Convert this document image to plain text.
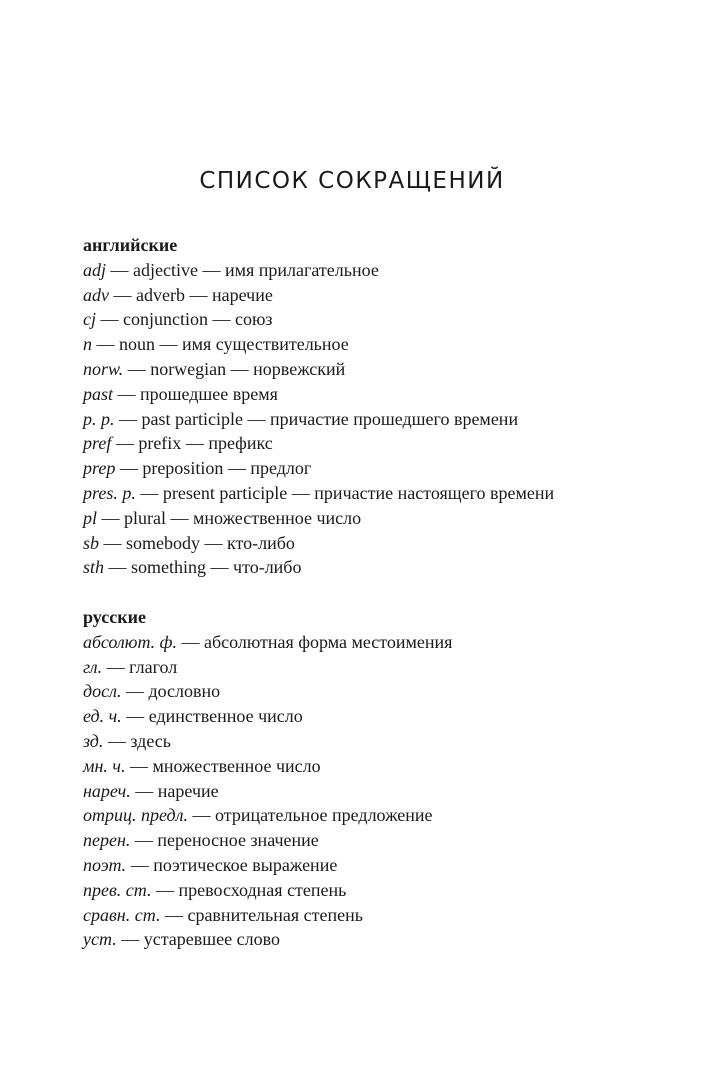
СПИСОК СОКРАЩЕНИЙ
английские
adj — adjective — имя прилагательное
adv — adverb — наречие
cj — conjunction — союз
n — noun — имя существительное
norw. — norwegian — норвежский
past — прошедшее время
p. p. — past participle — причастие прошедшего времени
pref — prefix — префикс
prep — preposition — предлог
pres. p. — present participle — причастие настоящего времени
pl — plural — множественное число
sb — somebody — кто-либо
sth — something — что-либо
русские
абсолют. ф. — абсолютная форма местоимения
гл. — глагол
досл. — дословно
ед. ч. — единственное число
зд. — здесь
мн. ч. — множественное число
нареч. — наречие
отриц. предл. — отрицательное предложение
перен. — переносное значение
поэт. — поэтическое выражение
прев. ст. — превосходная степень
сравн. ст. — сравнительная степень
уст. — устаревшее слово
